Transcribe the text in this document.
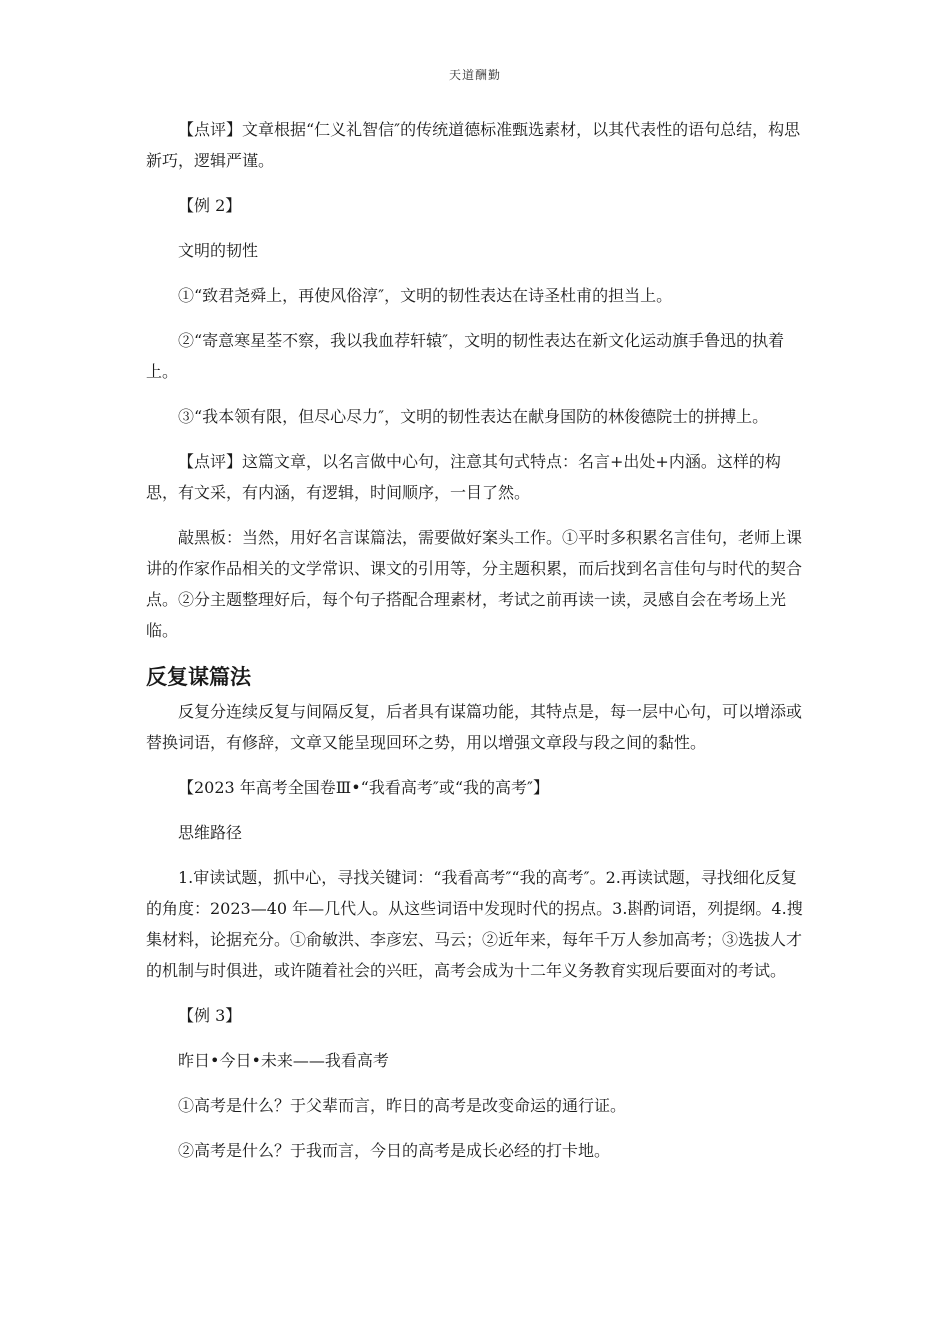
天道酬勤

【点评】文章根据“仁义礼智信″的传统道德标准甄选素材，以其代表性的语句总结，构思新巧，逻辑严谨。

【例 2】

文明的韧性

①“致君尧舜上，再使风俗淳″，文明的韧性表达在诗圣杜甫的担当上。

②“寄意寒星荃不察，我以我血荐轩辕″，文明的韧性表达在新文化运动旗手鲁迅的执着上。

③“我本领有限，但尽心尽力″，文明的韧性表达在献身国防的林俊德院士的拼搏上。

【点评】这篇文章，以名言做中心句，注意其句式特点：名言+出处+内涵。这样的构思，有文采，有内涵，有逻辑，时间顺序，一目了然。

敲黑板：当然，用好名言谋篇法，需要做好案头工作。①平时多积累名言佳句，老师上课讲的作家作品相关的文学常识、课文的引用等，分主题积累，而后找到名言佳句与时代的契合点。②分主题整理好后，每个句子搭配合理素材，考试之前再读一读，灵感自会在考场上光临。

反复谋篇法

反复分连续反复与间隔反复，后者具有谋篇功能，其特点是，每一层中心句，可以增添或替换词语，有修辞，文章又能呈现回环之势，用以增强文章段与段之间的黏性。

【2023 年高考全国卷Ⅲ•“我看高考″或“我的高考″】

思维路径

1.审读试题，抓中心，寻找关键词：“我看高考″“我的高考″。2.再读试题，寻找细化反复的角度：2023—40 年—几代人。从这些词语中发现时代的拐点。3.斟酌词语，列提纲。4.搜集材料，论据充分。①俞敏洪、李彦宏、马云；②近年来，每年千万人参加高考；③选拔人才的机制与时俱进，或许随着社会的兴旺，高考会成为十二年义务教育实现后要面对的考试。

【例 3】

昨日•今日•未来——我看高考

①高考是什么？于父辈而言，昨日的高考是改变命运的通行证。

②高考是什么？于我而言，今日的高考是成长必经的打卡地。
